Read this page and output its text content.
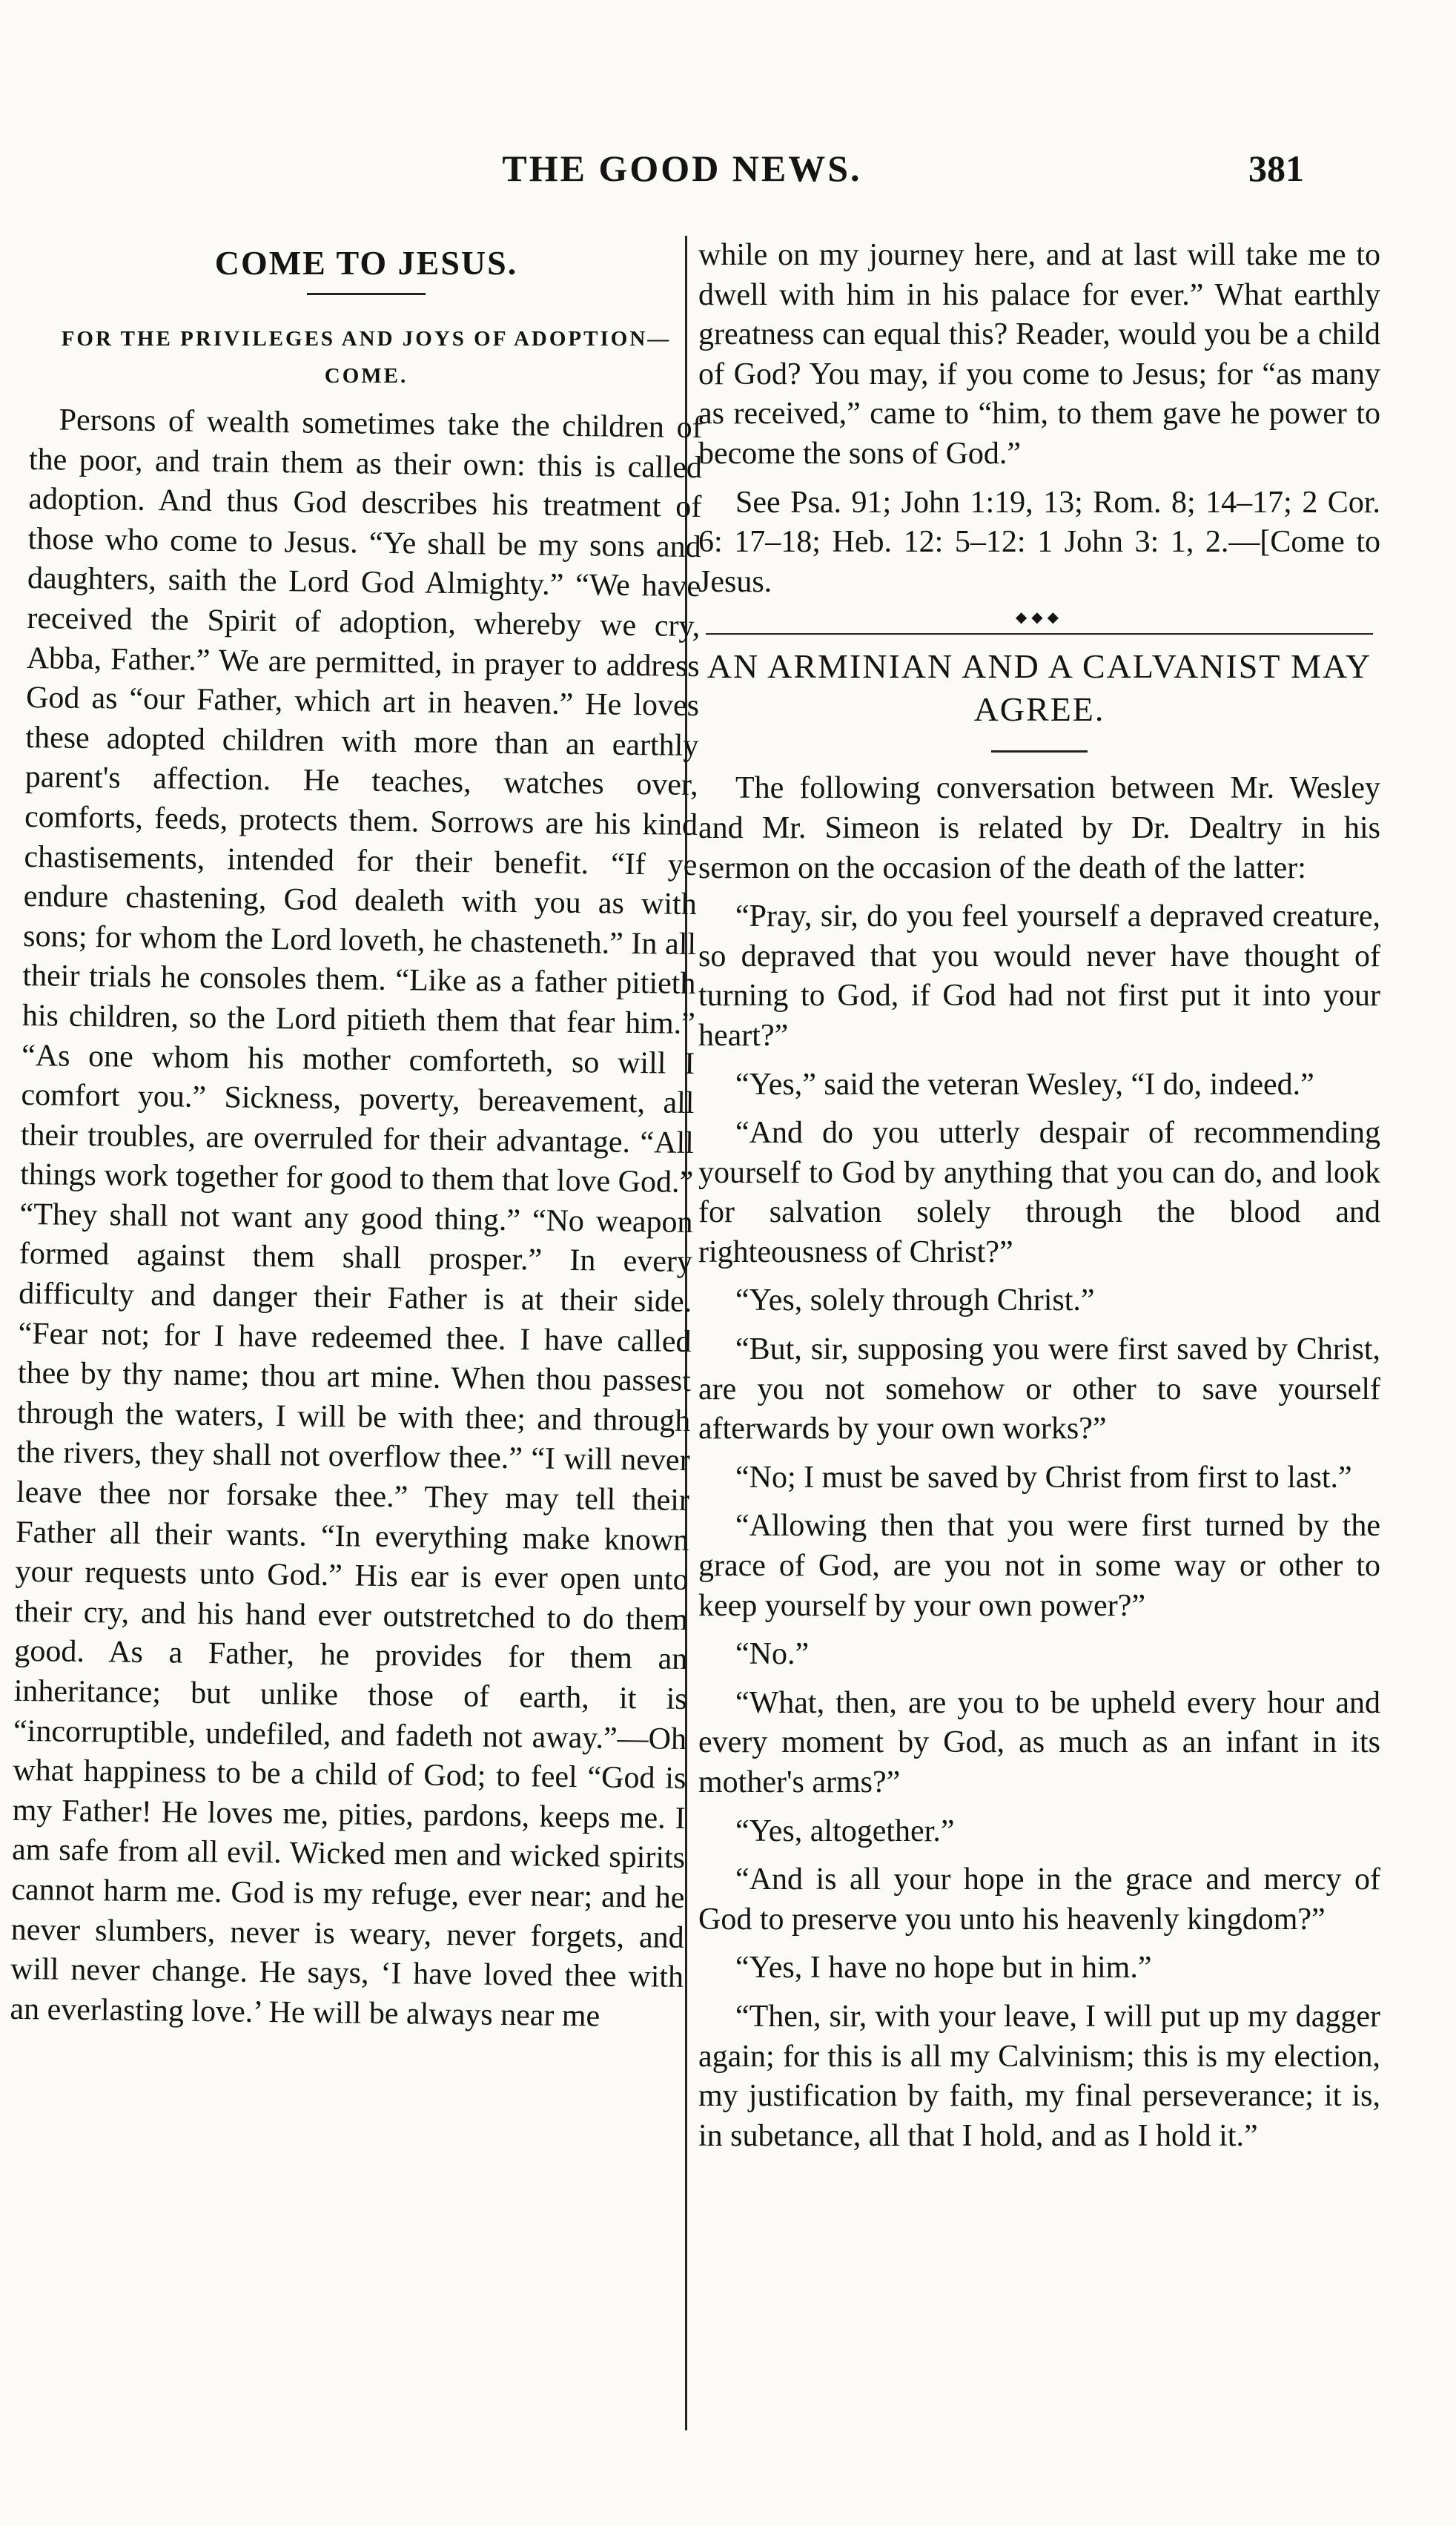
THE GOOD NEWS.	381
COME TO JESUS.
FOR THE PRIVILEGES AND JOYS OF ADOPTION—COME.

Persons of wealth sometimes take the children of the poor, and train them as their own: this is called adoption. And thus God describes his treatment of those who come to Jesus. “Ye shall be my sons and daughters, saith the Lord God Almighty.” “We have received the Spirit of adoption, whereby we cry, Abba, Father.” We are permitted, in prayer to address God as “our Father, which art in heaven.” He loves these adopted children with more than an earthly parent's affection. He teaches, watches over, comforts, feeds, protects them. Sorrows are his kind chastisements, intended for their benefit. “If ye endure chastening, God dealeth with you as with sons; for whom the Lord loveth, he chasteneth.” In all their trials he consoles them. “Like as a father pitieth his children, so the Lord pitieth them that fear him.” “As one whom his mother comforteth, so will I comfort you.” Sickness, poverty, bereavement, all their troubles, are overruled for their advantage. “All things work together for good to them that love God.” “They shall not want any good thing.” “No weapon formed against them shall prosper.” In every difficulty and danger their Father is at their side. “Fear not; for I have redeemed thee. I have called thee by thy name; thou art mine. When thou passest through the waters, I will be with thee; and through the rivers, they shall not overflow thee.” “I will never leave thee nor forsake thee.” They may tell their Father all their wants. “In everything make known your requests unto God.” His ear is ever open unto their cry, and his hand ever outstretched to do them good. As a Father, he provides for them an inheritance; but unlike those of earth, it is “incorruptible, undefiled, and fadeth not away.”—Oh what happiness to be a child of God; to feel “God is my Father! He loves me, pities, pardons, keeps me. I am safe from all evil. Wicked men and wicked spirits cannot harm me. God is my refuge, ever near; and he never slumbers, never is weary, never forgets, and will never change. He says, ‘I have loved thee with an everlasting love.’ He will be always near me

while on my journey here, and at last will take me to dwell with him in his palace for ever.” What earthly greatness can equal this? Reader, would you be a child of God? You may, if you come to Jesus; for “as many as received,” came to “him, to them gave he power to become the sons of God.”

See Psa. 91; John 1:19, 13; Rom. 8; 14–17; 2 Cor. 6: 17–18; Heb. 12: 5–12: 1 John 3: 1, 2.—[Come to Jesus.

◆◆◆
AN ARMINIAN AND A CALVANIST MAY AGREE.

The following conversation between Mr. Wesley and Mr. Simeon is related by Dr. Dealtry in his sermon on the occasion of the death of the latter:

“Pray, sir, do you feel yourself a depraved creature, so depraved that you would never have thought of turning to God, if God had not first put it into your heart?”

“Yes,” said the veteran Wesley, “I do, indeed.”

“And do you utterly despair of recommending yourself to God by anything that you can do, and look for salvation solely through the blood and righteousness of Christ?”

“Yes, solely through Christ.”

“But, sir, supposing you were first saved by Christ, are you not somehow or other to save yourself afterwards by your own works?”

“No; I must be saved by Christ from first to last.”

“Allowing then that you were first turned by the grace of God, are you not in some way or other to keep yourself by your own power?”

“No.”

“What, then, are you to be upheld every hour and every moment by God, as much as an infant in its mother's arms?”

“Yes, altogether.”

“And is all your hope in the grace and mercy of God to preserve you unto his heavenly kingdom?”

“Yes, I have no hope but in him.”

“Then, sir, with your leave, I will put up my dagger again; for this is all my Calvinism; this is my election, my justification by faith, my final perseverance; it is, in subetance, all that I hold, and as I hold it.”
